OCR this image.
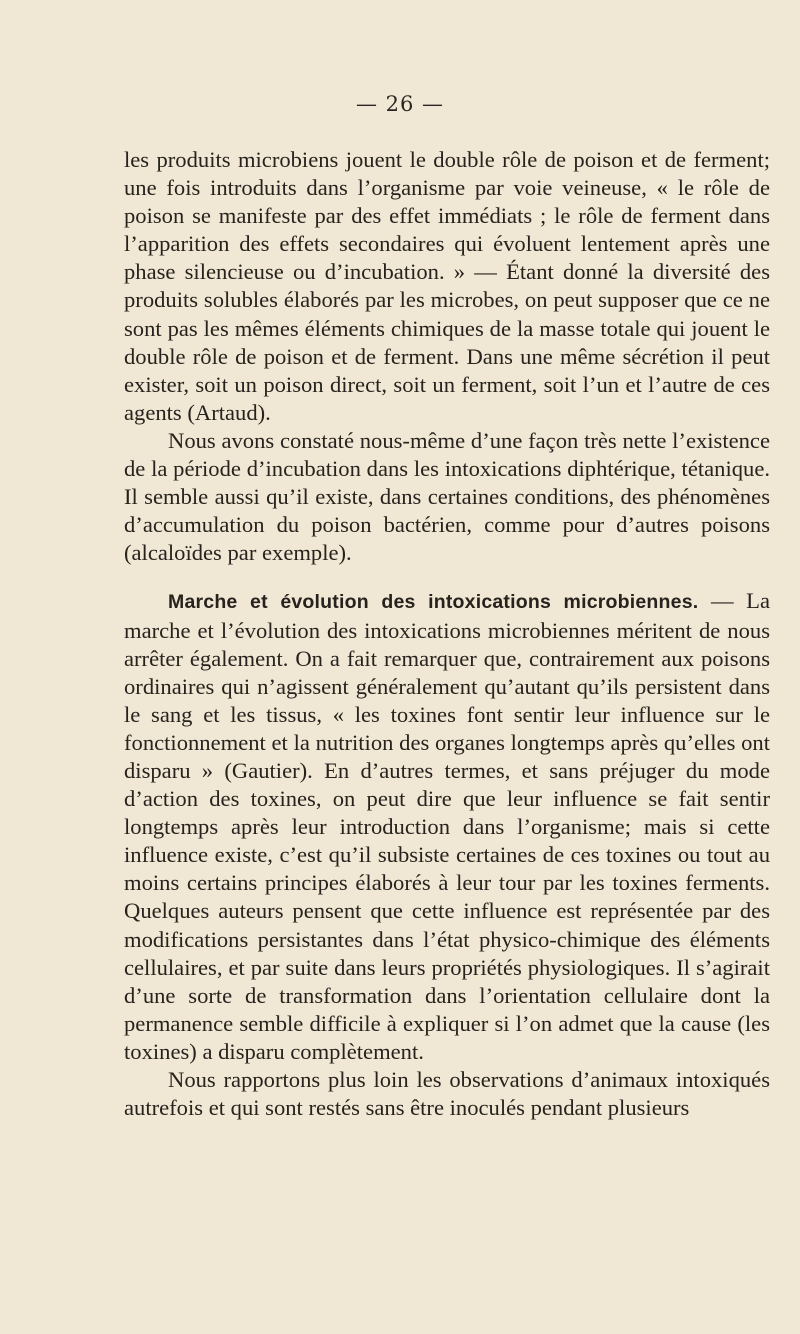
— 26 —

les produits microbiens jouent le double rôle de poison et de ferment; une fois introduits dans l’organisme par voie veineuse, « le rôle de poison se manifeste par des effet immédiats ; le rôle de ferment dans l’apparition des effets secondaires qui évoluent lentement après une phase silencieuse ou d’incubation. » — Étant donné la diversité des produits solubles élaborés par les microbes, on peut supposer que ce ne sont pas les mêmes éléments chimiques de la masse totale qui jouent le double rôle de poison et de ferment. Dans une même sécrétion il peut exister, soit un poison direct, soit un ferment, soit l’un et l’autre de ces agents (Artaud).

Nous avons constaté nous-même d’une façon très nette l’existence de la période d’incubation dans les intoxications diphtérique, tétanique. Il semble aussi qu’il existe, dans certaines conditions, des phénomènes d’accumulation du poison bactérien, comme pour d’autres poisons (alcaloïdes par exemple).

Marche et évolution des intoxications microbiennes. — La marche et l’évolution des intoxications microbiennes méritent de nous arrêter également. On a fait remarquer que, contrairement aux poisons ordinaires qui n’agissent généralement qu’autant qu’ils persistent dans le sang et les tissus, « les toxines font sentir leur influence sur le fonctionnement et la nutrition des organes longtemps après qu’elles ont disparu » (Gautier). En d’autres termes, et sans préjuger du mode d’action des toxines, on peut dire que leur influence se fait sentir longtemps après leur introduction dans l’organisme; mais si cette influence existe, c’est qu’il subsiste certaines de ces toxines ou tout au moins certains principes élaborés à leur tour par les toxines ferments. Quelques auteurs pensent que cette influence est représentée par des modifications persistantes dans l’état physico-chimique des éléments cellulaires, et par suite dans leurs propriétés physiologiques. Il s’agirait d’une sorte de transformation dans l’orientation cellulaire dont la permanence semble difficile à expliquer si l’on admet que la cause (les toxines) a disparu complètement.

Nous rapportons plus loin les observations d’animaux intoxiqués autrefois et qui sont restés sans être inoculés pendant plusieurs
